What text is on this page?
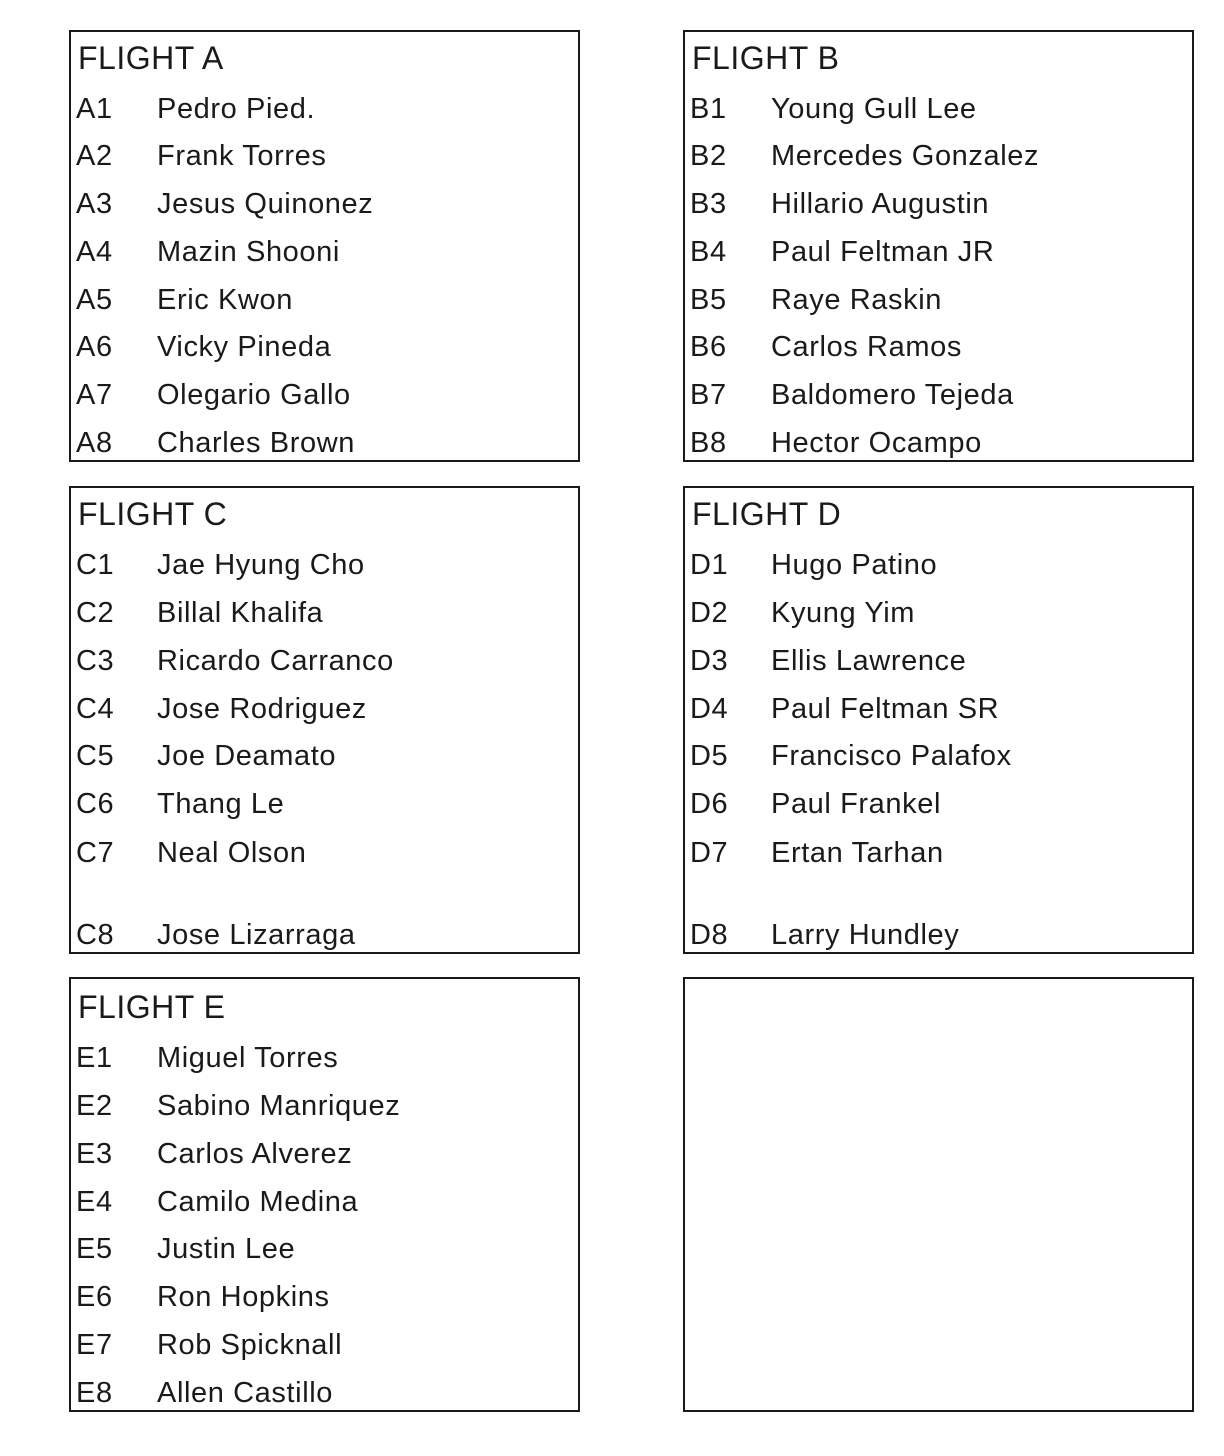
FLIGHT A
A1 Pedro Pied.
A2 Frank Torres
A3 Jesus Quinonez
A4 Mazin Shooni
A5 Eric Kwon
A6 Vicky Pineda
A7 Olegario Gallo
A8 Charles Brown
FLIGHT B
B1 Young Gull Lee
B2 Mercedes Gonzalez
B3 Hillario Augustin
B4 Paul Feltman JR
B5 Raye Raskin
B6 Carlos Ramos
B7 Baldomero Tejeda
B8 Hector Ocampo
FLIGHT C
C1 Jae Hyung Cho
C2 Billal Khalifa
C3 Ricardo Carranco
C4 Jose Rodriguez
C5 Joe Deamato
C6 Thang Le
C7 Neal Olson
C8 Jose Lizarraga
FLIGHT D
D1 Hugo Patino
D2 Kyung Yim
D3 Ellis Lawrence
D4 Paul Feltman SR
D5 Francisco Palafox
D6 Paul Frankel
D7 Ertan Tarhan
D8 Larry Hundley
FLIGHT E
E1 Miguel Torres
E2 Sabino Manriquez
E3 Carlos Alverez
E4 Camilo Medina
E5 Justin Lee
E6 Ron Hopkins
E7 Rob Spicknall
E8 Allen Castillo
